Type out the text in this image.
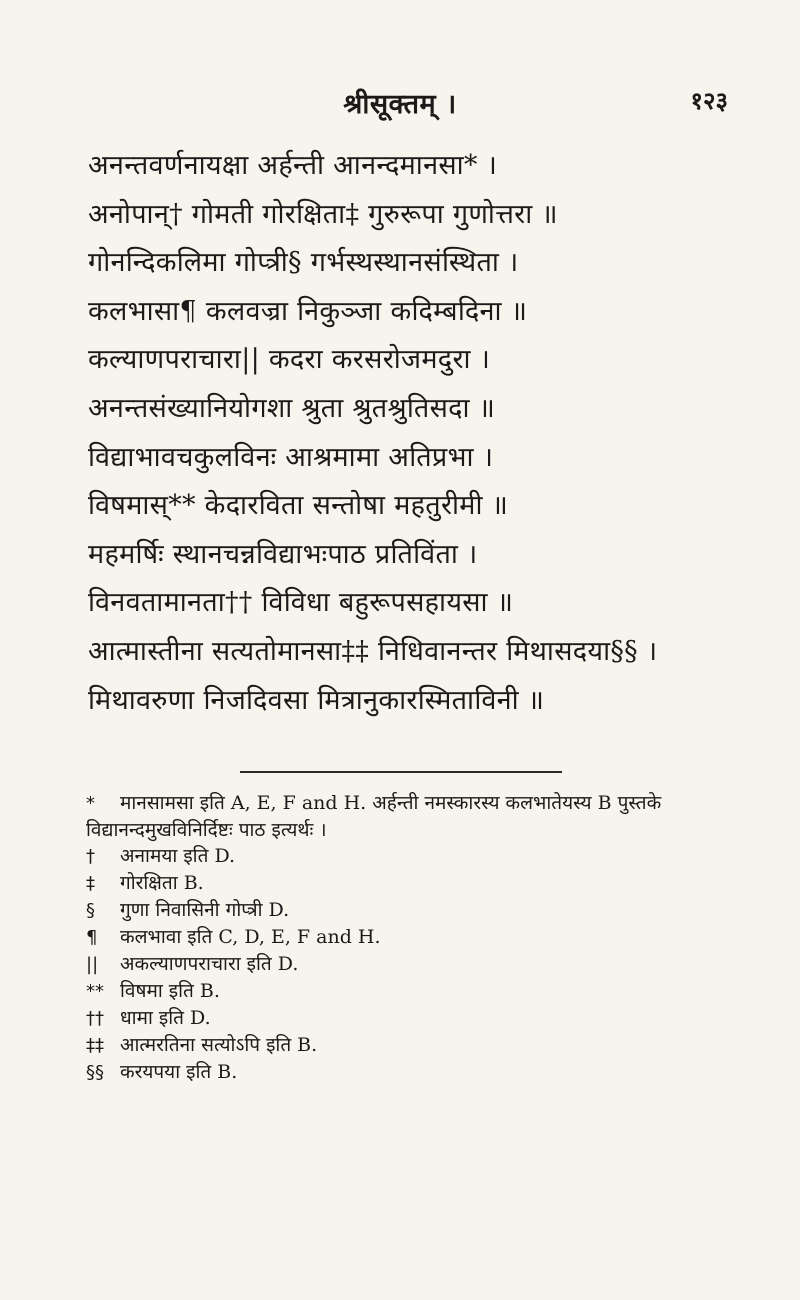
श्रीसूक्तम् ।	१२३
अनन्तवर्णनायक्षा अर्हन्ती आनन्दमानसा* ।
अनोपान्† गोमती गोरक्षिता‡ गुरुरूपा गुणोत्तरा ॥
गोनन्दिकलिमा गोप्त्री§ गर्भस्थस्थानसंस्थिता ।
कलभासा¶ कलवज्रा निकुञ्जा कदिम्बदिना ॥
कल्याणपराचारा|| कदरा करसरोजमदुरा ।
अनन्तसंख्यानियोगशा श्रुता श्रुतश्रुतिसदा ॥
विद्याभावचकुलविनः आश्रमामा अतिप्रभा ।
विषमास्** केदारविता सन्तोषा महतुरीमी ॥
महमर्षिः स्थानचन्नविद्याभःपाठ प्रतिविंता ।
विनवतामानता†† विविधा बहुरूपसहायसा ॥
आत्मास्तीना सत्यतोमानसा‡‡ निधिवानन्तर मिथासदया§§ ।
मिथावरुणा निजदिवसा मित्रानुकारस्मिताविनी ॥
* मानसामसा इति A, E, F and H. अर्हन्ती नमस्कारस्य कलभातेयस्य B पुस्तके
विद्यानन्दमुखविनिर्दिष्टः पाठ इत्यर्थः ।
† अनामया इति D.
‡ गोरक्षिता B.
§ गुणा निवासिनी गोप्त्री D.
¶ कलभावा इति C, D, E, F and H.
|| अकल्याणपराचारा इति D.
** विषमा इति B.
†† धामा इति D.
‡‡ आत्मरतिना सत्योऽपि इति B.
§§ करयपया इति B.
